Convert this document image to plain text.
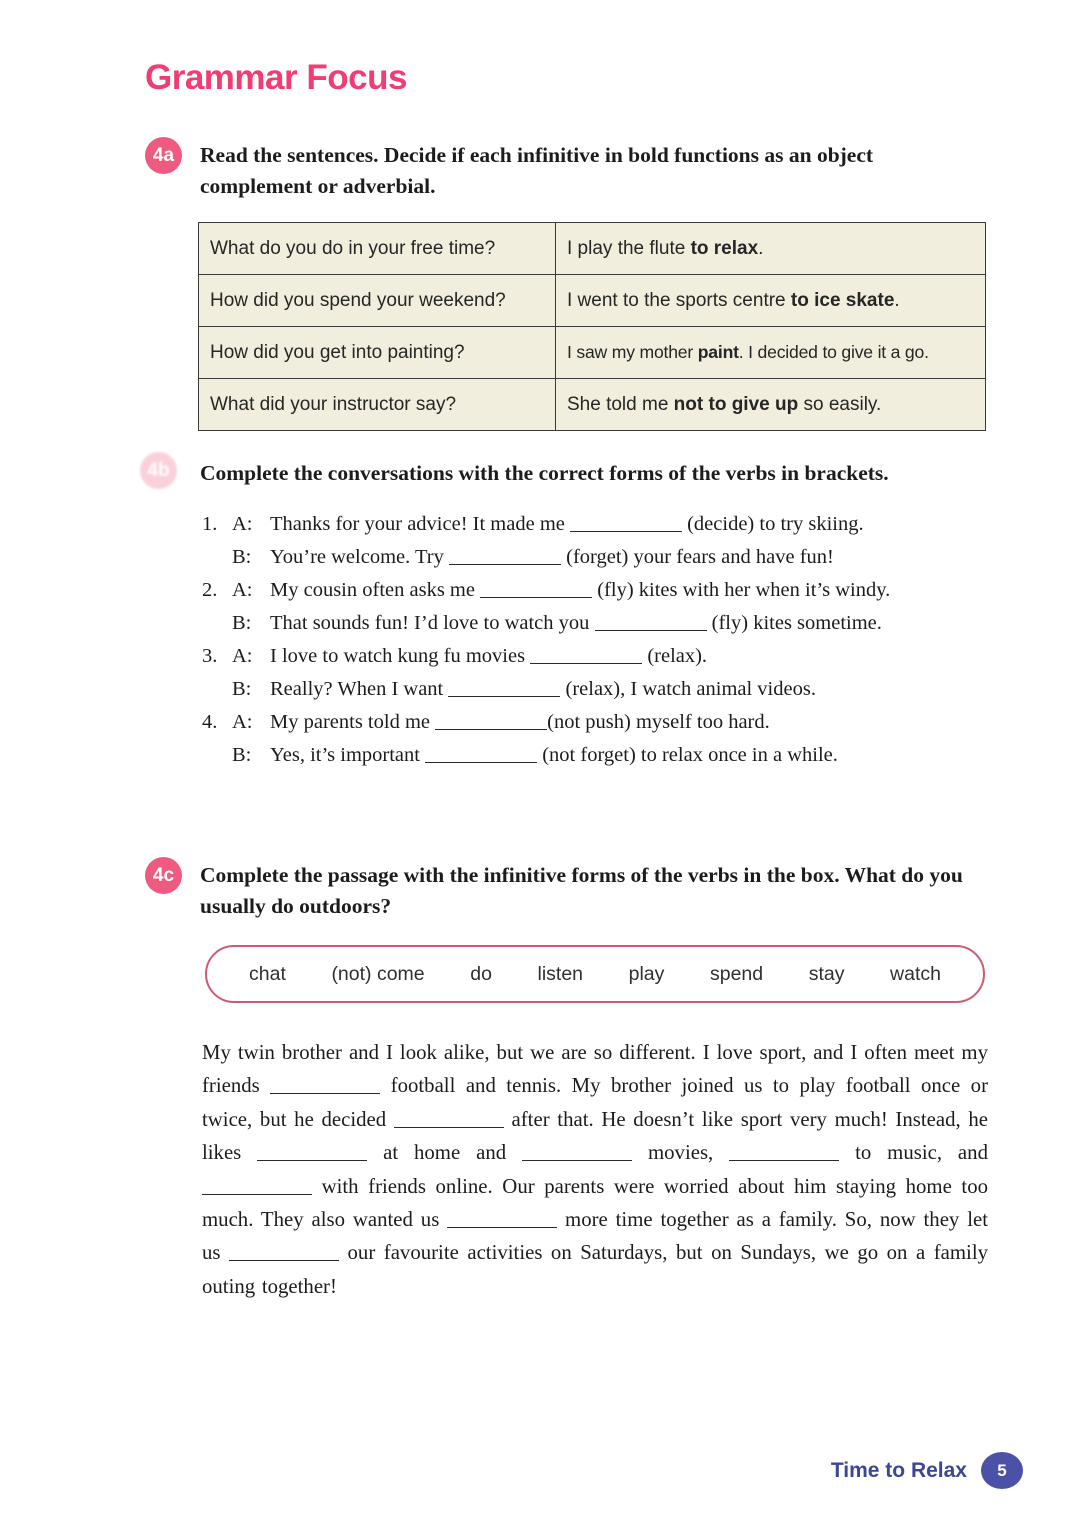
Grammar Focus
4a	Read the sentences. Decide if each infinitive in bold functions as an object complement or adverbial.

What do you do in your free time?	I play the flute to relax.
How did you spend your weekend?	I went to the sports centre to ice skate.
How did you get into painting?	I saw my mother paint. I decided to give it a go.
What did your instructor say?	She told me not to give up so easily.
4b	Complete the conversations with the correct forms of the verbs in brackets.

1. A: Thanks for your advice! It made me	(decide) to try skiing.
B: You’re welcome. Try	(forget) your fears and have fun!
2. A: My cousin often asks me	(fly) kites with her when it’s windy.
B: That sounds fun! I’d love to watch you	(fly) kites sometime.
3. A: I love to watch kung fu movies	(relax).
B: Really? When I want	(relax), I watch animal videos.
4. A: My parents told me	(not push) myself too hard.
B: Yes, it’s important	(not forget) to relax once in a while.
4c	Complete the passage with the infinitive forms of the verbs in the box. What do you usually do outdoors?

chat (not) come do listen play spend stay watch

My twin brother and I look alike, but we are so different. I love sport, and I often meet my friends	football and tennis. My brother joined us to play football once or twice, but he decided	after that. He doesn’t like sport very much! Instead, he likes	at home and	movies,	to music, and  with friends online. Our parents were worried about him staying home too much. They also wanted us	more time together as a family. So, now they let us	our favourite activities on Saturdays, but on Sundays, we go on a family outing together!

Time to Relax	5
